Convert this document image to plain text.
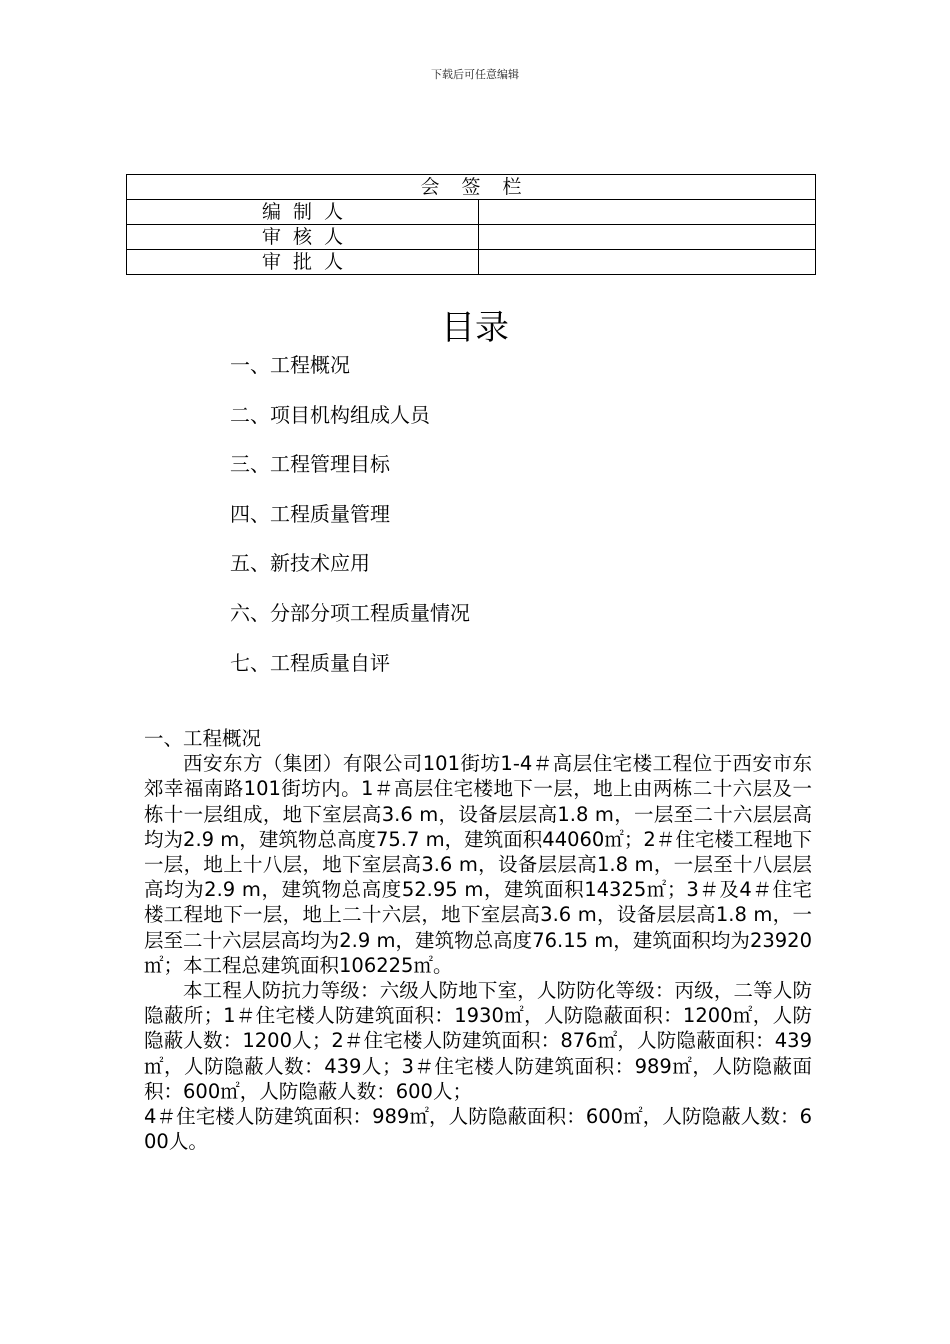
下载后可任意编辑
会签栏	
编制人	
审核人	
审批人	
目录
一、工程概况
二、项目机构组成人员
三、工程管理目标
四、工程质量管理
五、新技术应用
六、分部分项工程质量情况
七、工程质量自评

一、工程概况

西安东方（集团）有限公司101街坊1-4＃高层住宅楼工程位于西安市东郊幸福南路101街坊内。1＃高层住宅楼地下一层，地上由两栋二十六层及一栋十一层组成，地下室层高3.6 m，设备层层高1.8 m，一层至二十六层层高均为2.9 m，建筑物总高度75.7 m，建筑面积44060㎡；2＃住宅楼工程地下一层，地上十八层，地下室层高3.6 m，设备层层高1.8 m，一层至十八层层高均为2.9 m，建筑物总高度52.95 m，建筑面积14325㎡；3＃及4＃住宅楼工程地下一层，地上二十六层，地下室层高3.6 m，设备层层高1.8 m，一层至二十六层层高均为2.9 m，建筑物总高度76.15 m，建筑面积均为23920㎡；本工程总建筑面积106225㎡。

本工程人防抗力等级：六级人防地下室，人防防化等级：丙级，二等人防隐蔽所；1＃住宅楼人防建筑面积：1930㎡，人防隐蔽面积：1200㎡，人防隐蔽人数：1200人；2＃住宅楼人防建筑面积：876㎡，人防隐蔽面积：439㎡，人防隐蔽人数：439人；3＃住宅楼人防建筑面积：989㎡，人防隐蔽面积：600㎡，人防隐蔽人数：600人；

4＃住宅楼人防建筑面积：989㎡，人防隐蔽面积：600㎡，人防隐蔽人数：600人。
